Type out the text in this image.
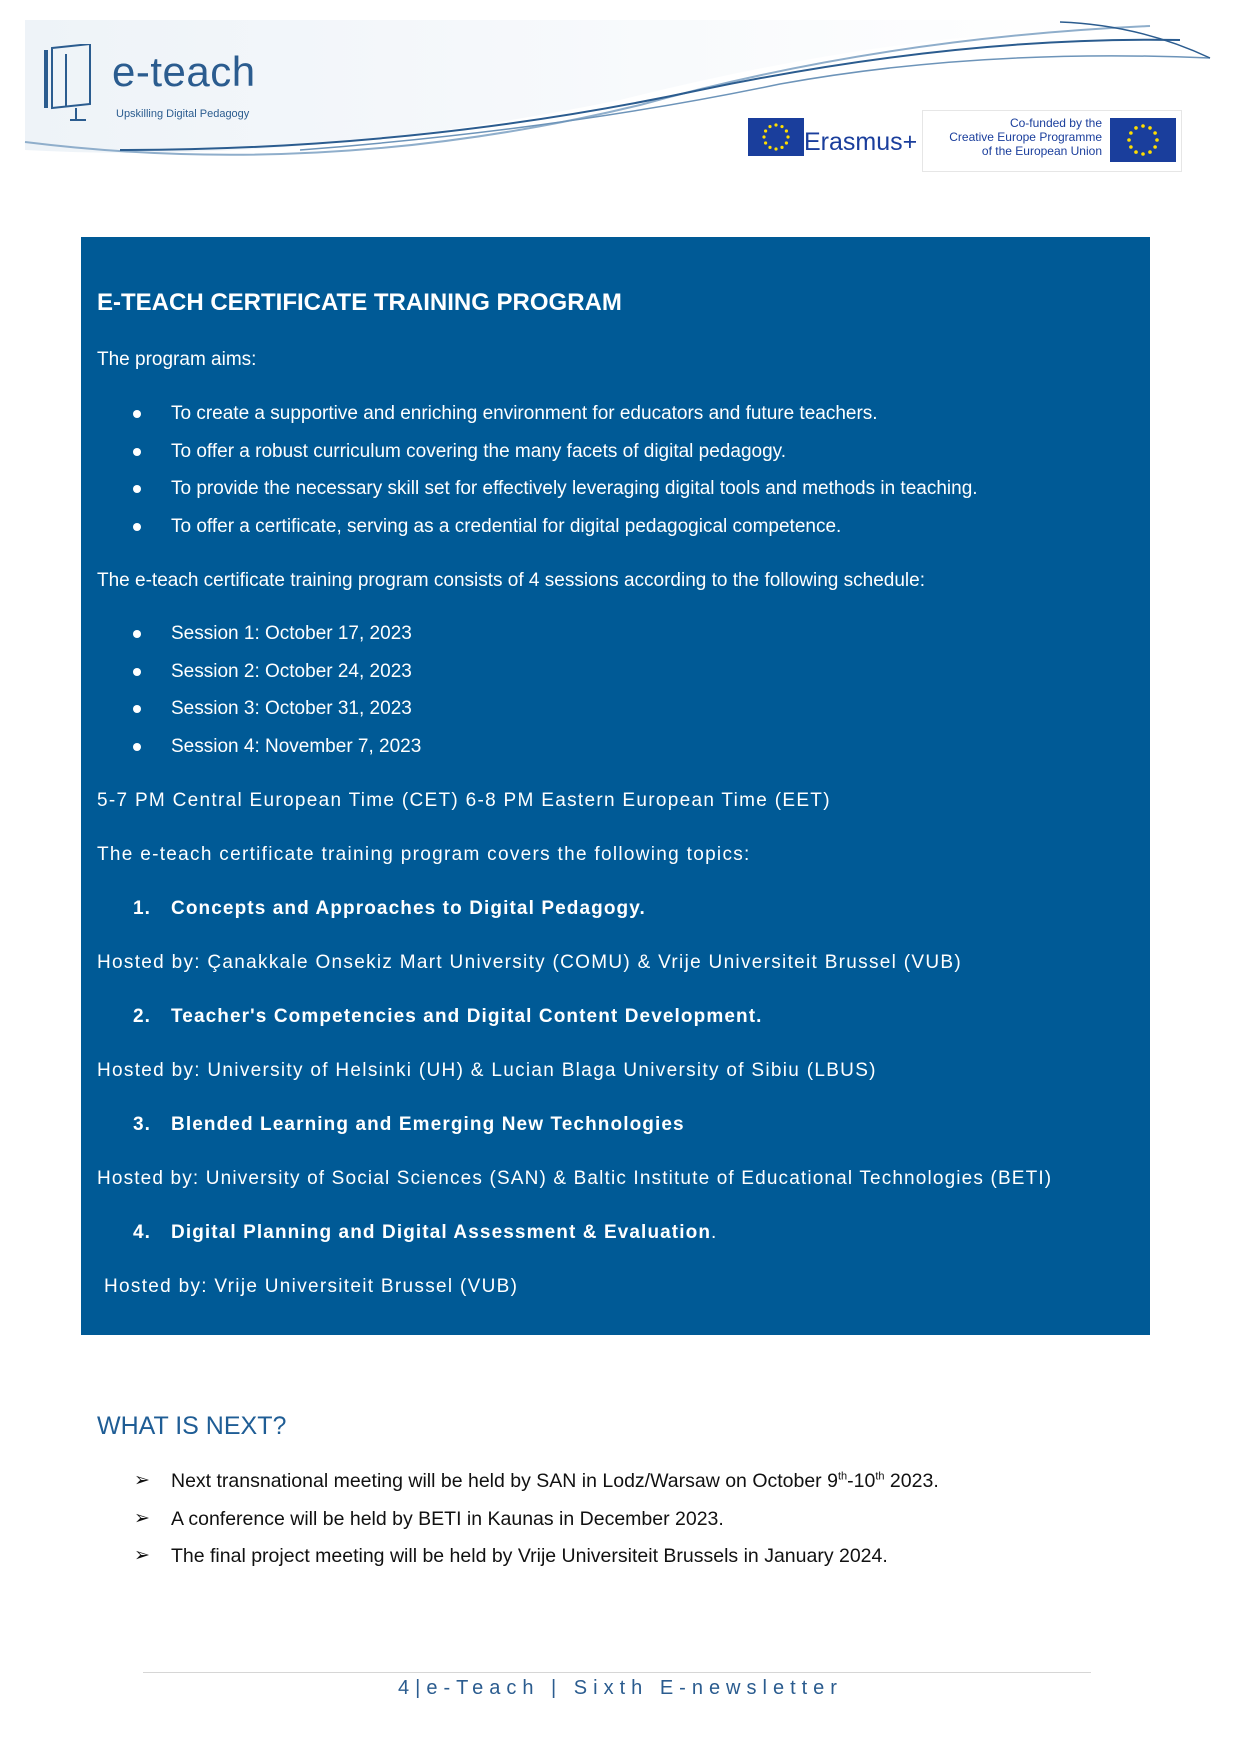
e-teach
Upskilling Digital Pedagogy
Erasmus+
Co-funded by the
Creative Europe Programme
of the European Union
E-TEACH CERTIFICATE TRAINING PROGRAM
The program aims:
To create a supportive and enriching environment for educators and future teachers.
To offer a robust curriculum covering the many facets of digital pedagogy.
To provide the necessary skill set for effectively leveraging digital tools and methods in teaching.
To offer a certificate, serving as a credential for digital pedagogical competence.
The e-teach certificate training program consists of 4 sessions according to the following schedule:
Session 1: October 17, 2023
Session 2: October 24, 2023
Session 3: October 31, 2023
Session 4: November 7, 2023
5-7 PM Central European Time (CET) 6-8 PM Eastern European Time (EET)
The e-teach certificate training program covers the following topics:
1. Concepts and Approaches to Digital Pedagogy.
Hosted by: Çanakkale Onsekiz Mart University (COMU) & Vrije Universiteit Brussel (VUB)
2. Teacher's Competencies and Digital Content Development.
Hosted by: University of Helsinki (UH) & Lucian Blaga University of Sibiu (LBUS)
3. Blended Learning and Emerging New Technologies
Hosted by: University of Social Sciences (SAN) & Baltic Institute of Educational Technologies (BETI)
4. Digital Planning and Digital Assessment & Evaluation.
Hosted by: Vrije Universiteit Brussel (VUB)
WHAT IS NEXT?
➢ Next transnational meeting will be held by SAN in Lodz/Warsaw on October 9th-10th 2023.
➢ A conference will be held by BETI in Kaunas in December 2023.
➢ The final project meeting will be held by Vrije Universiteit Brussels in January 2024.
4|e-Teach | Sixth E-newsletter
